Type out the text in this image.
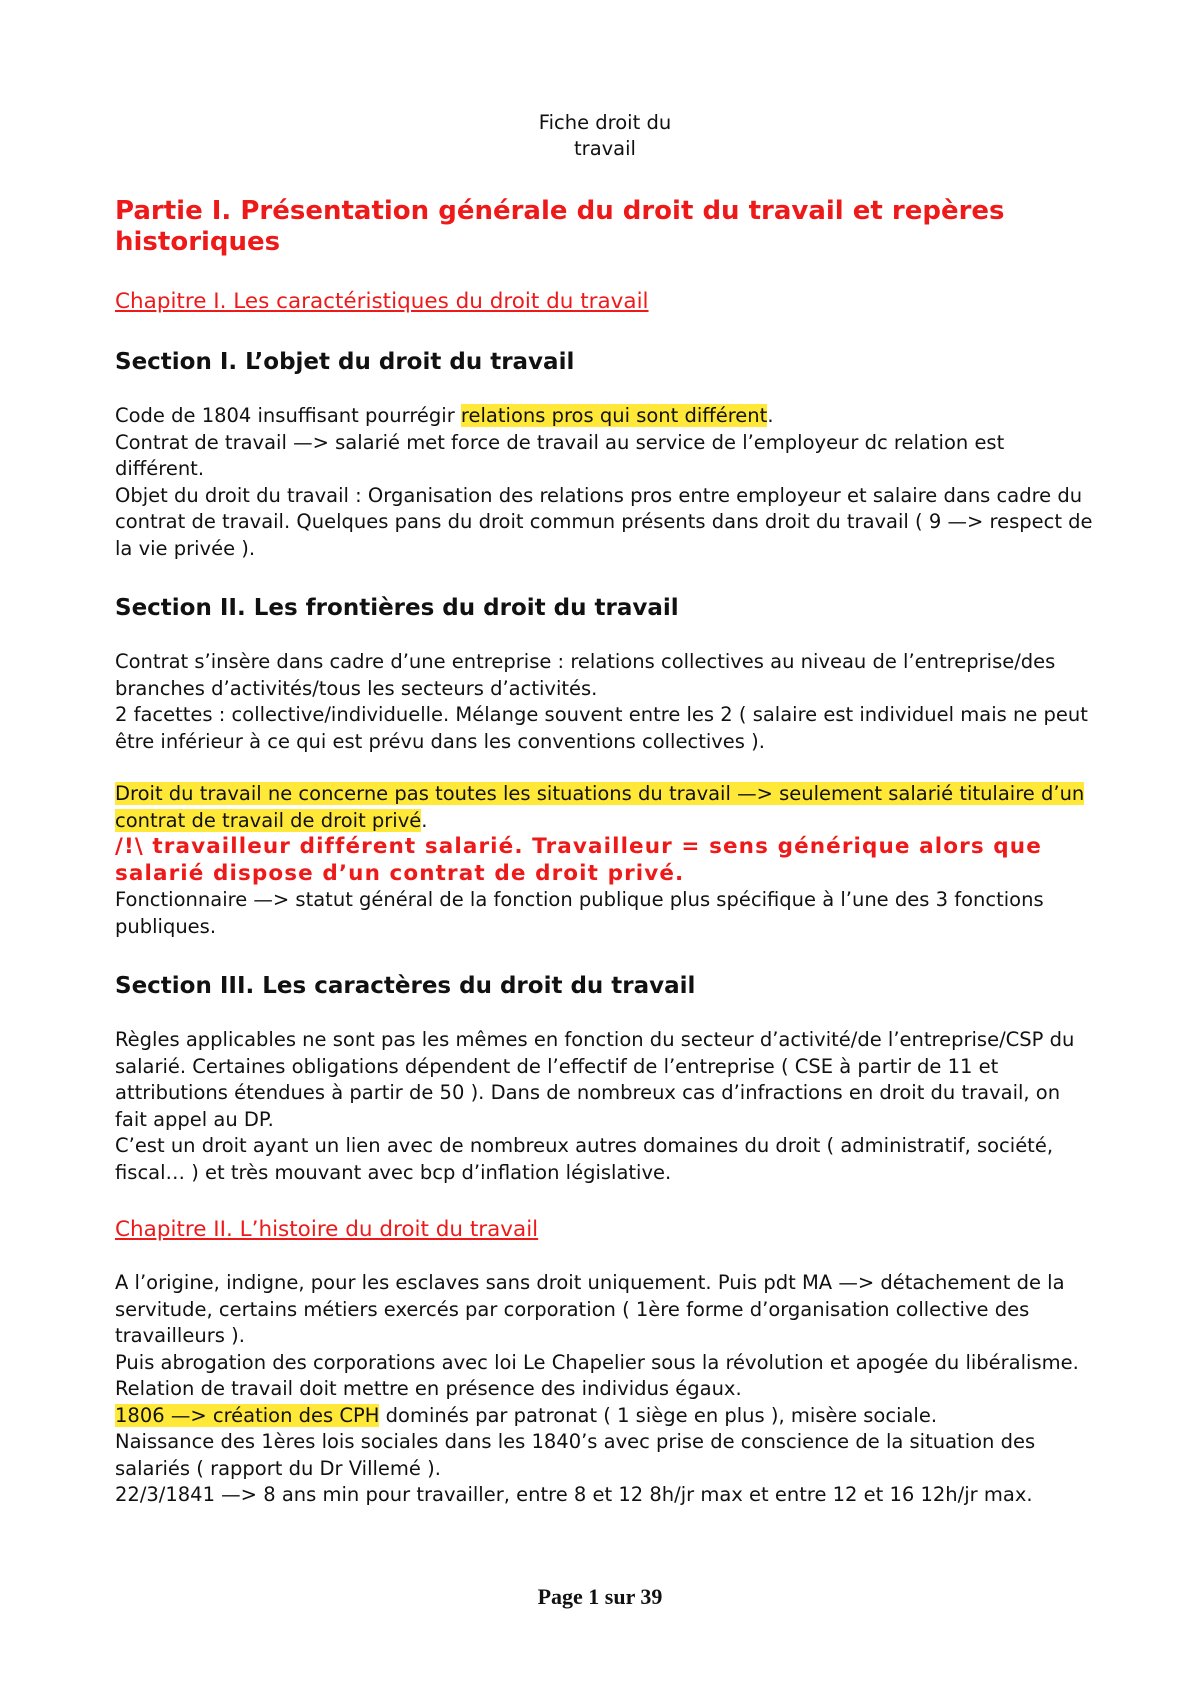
Fiche droit du

travail

Partie I. Présentation générale du droit du travail et repères historiques
Chapitre I. Les caractéristiques du droit du travail
Section I. L’objet du droit du travail

Code de 1804 insuffisant pourrégir relations pros qui sont différent.

Contrat de travail —> salarié met force de travail au service de l’employeur dc relation est différent.

Objet du droit du travail : Organisation des relations pros entre employeur et salaire dans cadre du contrat de travail. Quelques pans du droit commun présents dans droit du travail ( 9 —> respect de la vie privée ).

Section II. Les frontières du droit du travail

Contrat s’insère dans cadre d’une entreprise : relations collectives au niveau de l’entreprise/des branches d’activités/tous les secteurs d’activités.

2 facettes : collective/individuelle. Mélange souvent entre les 2 ( salaire est individuel mais ne peut être inférieur à ce qui est prévu dans les conventions collectives ).

Droit du travail ne concerne pas toutes les situations du travail —> seulement salarié titulaire d’un contrat de travail de droit privé.

/!\ travailleur différent salarié. Travailleur = sens générique alors que salarié dispose d’un contrat de droit privé.

Fonctionnaire —> statut général de la fonction publique plus spécifique à l’une des 3 fonctions publiques.

Section III. Les caractères du droit du travail

Règles applicables ne sont pas les mêmes en fonction du secteur d’activité/de l’entreprise/CSP du salarié. Certaines obligations dépendent de l’effectif de l’entreprise ( CSE à partir de 11 et attributions étendues à partir de 50 ). Dans de nombreux cas d’infractions en droit du travail, on fait appel au DP.

C’est un droit ayant un lien avec de nombreux autres domaines du droit ( administratif, société, fiscal… ) et très mouvant avec bcp d’inflation législative.

Chapitre II. L’histoire du droit du travail

A l’origine, indigne, pour les esclaves sans droit uniquement. Puis pdt MA —> détachement de la servitude, certains métiers exercés par corporation ( 1ère forme d’organisation collective des travailleurs ).

Puis abrogation des corporations avec loi Le Chapelier sous la révolution et apogée du libéralisme. Relation de travail doit mettre en présence des individus égaux.

1806 —> création des CPH dominés par patronat ( 1 siège en plus ), misère sociale.

Naissance des 1ères lois sociales dans les 1840’s avec prise de conscience de la situation des salariés ( rapport du Dr Villemé ).

22/3/1841 —> 8 ans min pour travailler, entre 8 et 12 8h/jr max et entre 12 et 16 12h/jr max.

Page 1 sur 39
